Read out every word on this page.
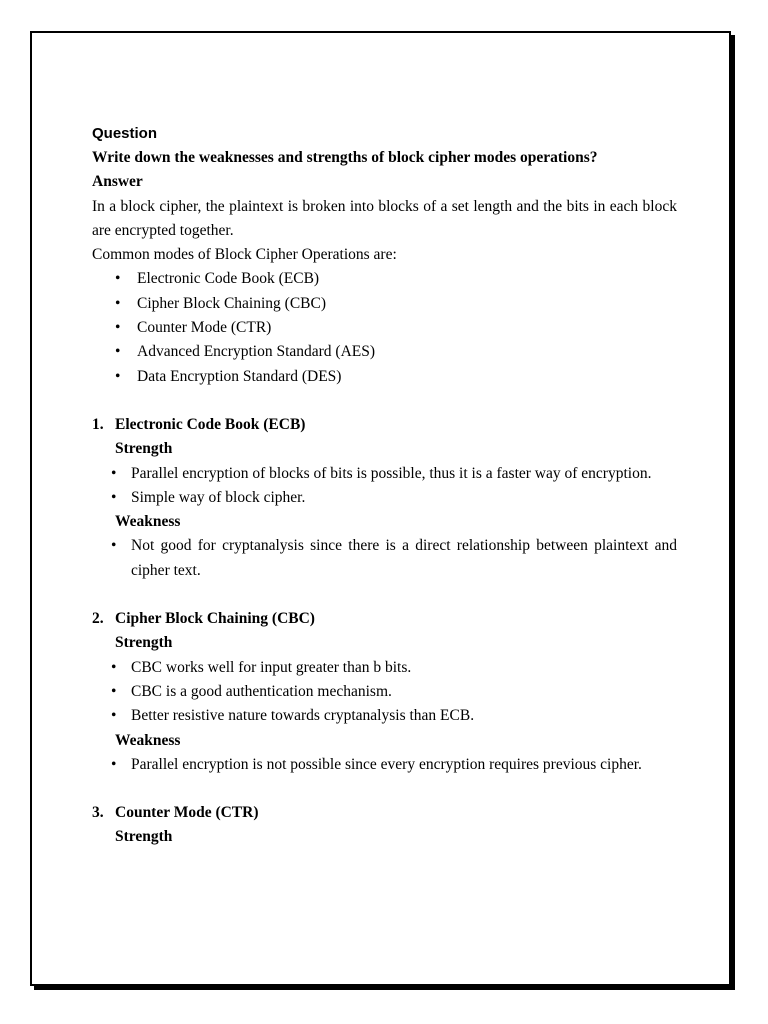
Question

Write down the weaknesses and strengths of block cipher modes operations?

Answer

In a block cipher, the plaintext is broken into blocks of a set length and the bits in each block are encrypted together.

Common modes of Block Cipher Operations are:

• Electronic Code Book (ECB)
• Cipher Block Chaining (CBC)
• Counter Mode (CTR)
• Advanced Encryption Standard (AES)
• Data Encryption Standard (DES)
1. Electronic Code Book (ECB)
Strength
• Parallel encryption of blocks of bits is possible, thus it is a faster way of encryption.
• Simple way of block cipher.
Weakness
• Not good for cryptanalysis since there is a direct relationship between plaintext and cipher text.
2. Cipher Block Chaining (CBC)
Strength
• CBC works well for input greater than b bits.
• CBC is a good authentication mechanism.
• Better resistive nature towards cryptanalysis than ECB.
Weakness
• Parallel encryption is not possible since every encryption requires previous cipher.
3. Counter Mode (CTR)
Strength
